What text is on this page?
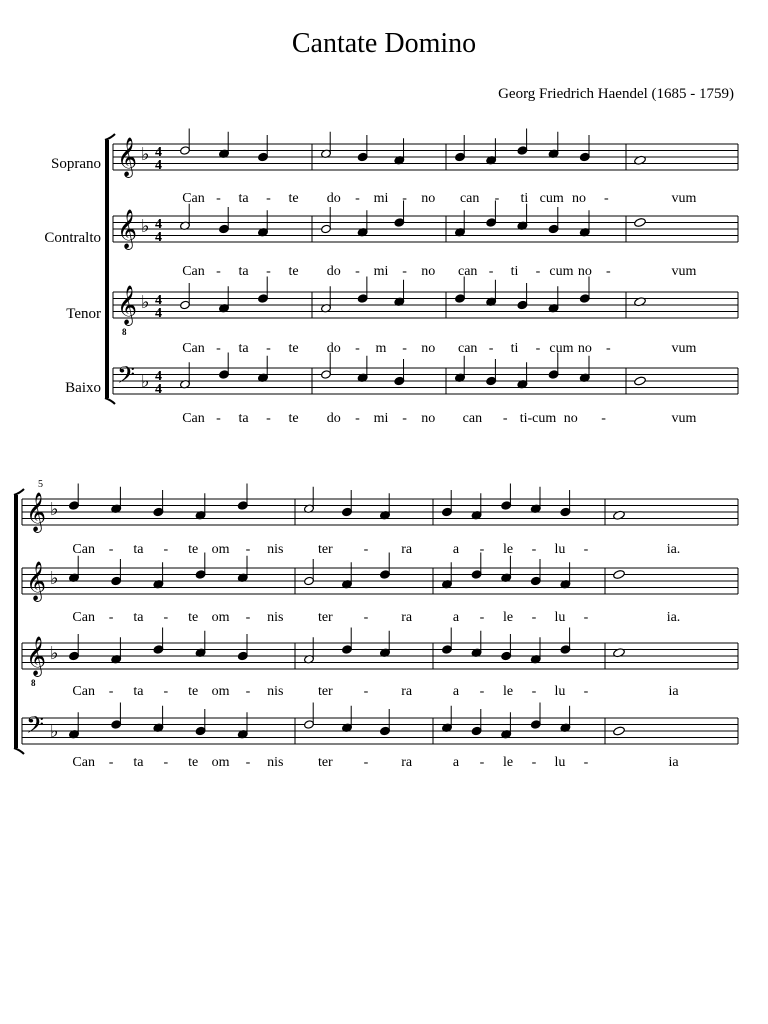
Cantate Domino
Georg Friedrich Haendel (1685 - 1759)
Soprano
Contralto
Tenor
Baixo
5
𝄞 ♭ 4
4
𝄞 ♭ 4
4
𝄞
8
♭ 4
4
𝄢 ♭ 4
4
𝄞 ♭
𝄞 ♭
𝄞
8
♭
𝄢 ♭
Can - ta - te do - mi - no can - ti cum no -	vum
Can - ta - te do - mi - no can - ti - cum no -	vum
Can - ta - te do - m - no can - ti - cum no -	vum
Can - ta - te do - mi - no can - ti-cum no -	vum
Can - ta - te om - nis ter - ra	a - le - lu -	ia.
Can - ta - te om - nis ter - ra	a - le - lu -	ia.
Can - ta - te om - nis ter - ra	a - le - lu -	ia
Can - ta - te om - nis ter - ra	a - le - lu -	ia
